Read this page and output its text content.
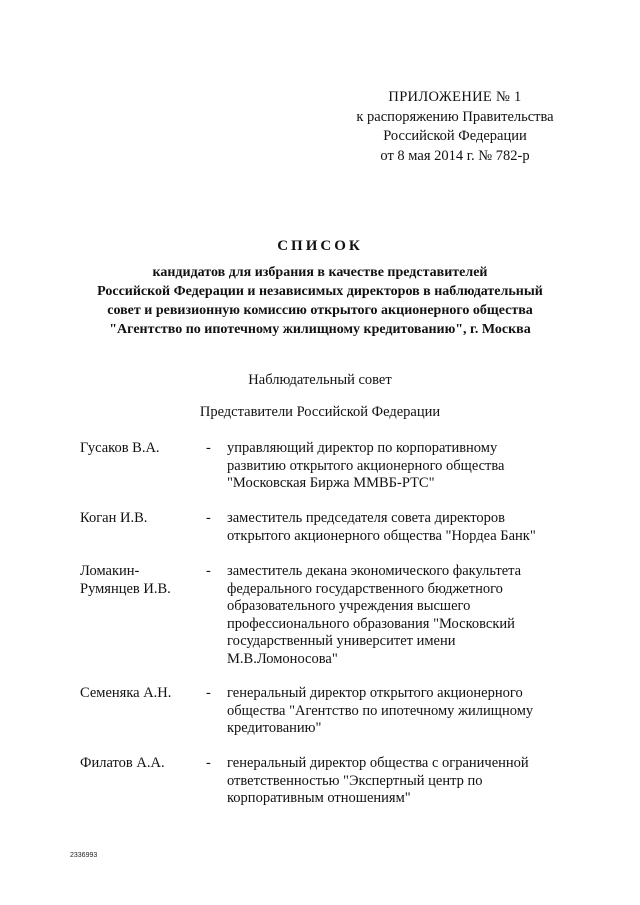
ПРИЛОЖЕНИЕ № 1
к распоряжению Правительства
Российской Федерации
от 8 мая 2014 г. № 782-р
СПИСОК
кандидатов для избрания в качестве представителей
Российской Федерации и независимых директоров в наблюдательный
совет и ревизионную комиссию открытого акционерного общества
"Агентство по ипотечному жилищному кредитованию", г. Москва
Наблюдательный совет
Представители Российской Федерации
Гусаков В.А.	- управляющий директор по корпоративному
развитию открытого акционерного общества
"Московская Биржа ММВБ-РТС"
Коган И.В.	- заместитель председателя совета директоров
открытого акционерного общества "Нордеа Банк"
Ломакин-
Румянцев И.В.
- заместитель декана экономического факультета
федерального государственного бюджетного
образовательного учреждения высшего
профессионального образования "Московский
государственный университет имени
М.В.Ломоносова"
Семеняка А.Н.	- генеральный директор открытого акционерного
общества "Агентство по ипотечному жилищному
кредитованию"
Филатов А.А.	- генеральный директор общества с ограниченной
ответственностью "Экспертный центр по
корпоративным отношениям"
2336993
